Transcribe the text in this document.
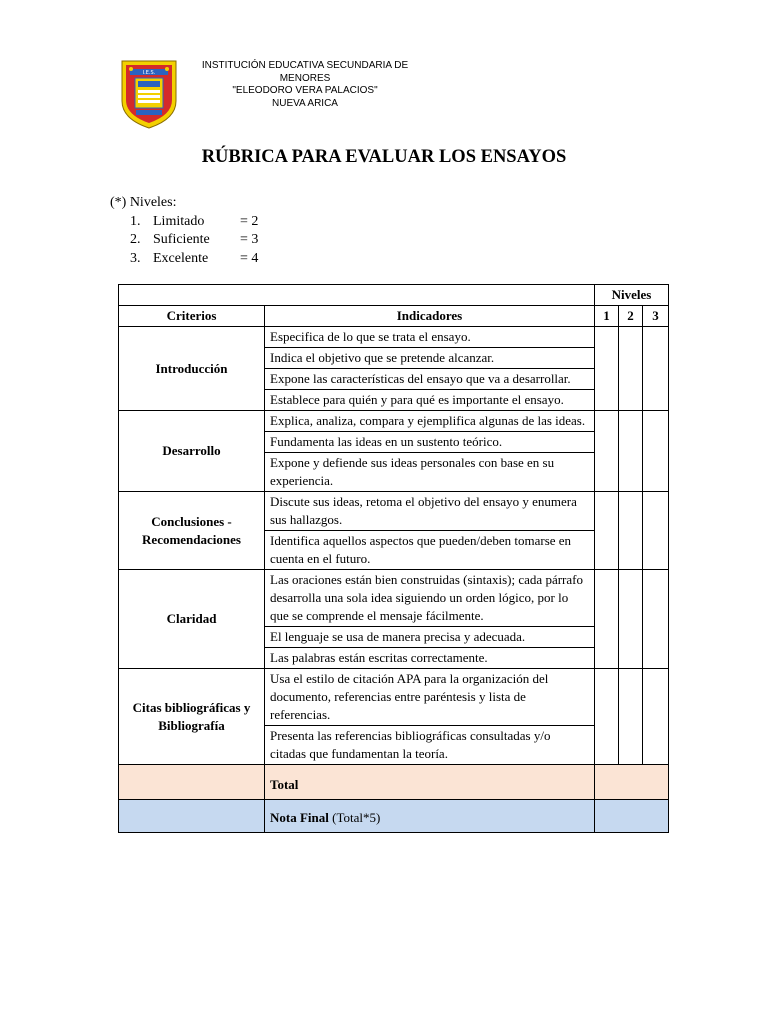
I.E.S.
INSTITUCIÓN EDUCATIVA SECUNDARIA DE
MENORES
"ELEODORO VERA PALACIOS"
NUEVA ARICA
RÚBRICA PARA EVALUAR LOS ENSAYOS
(*) Niveles:
1. Limitado	= 2
2. Suficiente = 3
3. Excelente = 4
		Niveles		
Criterios	Indicadores	1	2	3
Introducción	Especifica de lo que se trata el ensayo.			
	Indica el objetivo que se pretende alcanzar.			
	Expone las características del ensayo que va a desarrollar.			
	Establece para quién y para qué es importante el ensayo.			
Desarrollo	Explica, analiza, compara y ejemplifica algunas de las ideas.			
	Fundamenta las ideas en un sustento teórico.			
	Expone y defiende sus ideas personales con base en su experiencia.			
Conclusiones - Recomendaciones	Discute sus ideas, retoma el objetivo del ensayo y enumera sus hallazgos.			
	Identifica aquellos aspectos que pueden/deben tomarse en cuenta en el futuro.			
Claridad	Las oraciones están bien construidas (sintaxis); cada párrafo desarrolla una sola idea siguiendo un orden lógico, por lo que se comprende el mensaje fácilmente.			
	El lenguaje se usa de manera precisa y adecuada.			
	Las palabras están escritas correctamente.			
Citas bibliográficas y Bibliografía	Usa el estilo de citación APA para la organización del documento, referencias entre paréntesis y lista de referencias.			
	Presenta las referencias bibliográficas consultadas y/o citadas que fundamentan la teoría.			
	Total			
	Nota Final (Total*5)			
